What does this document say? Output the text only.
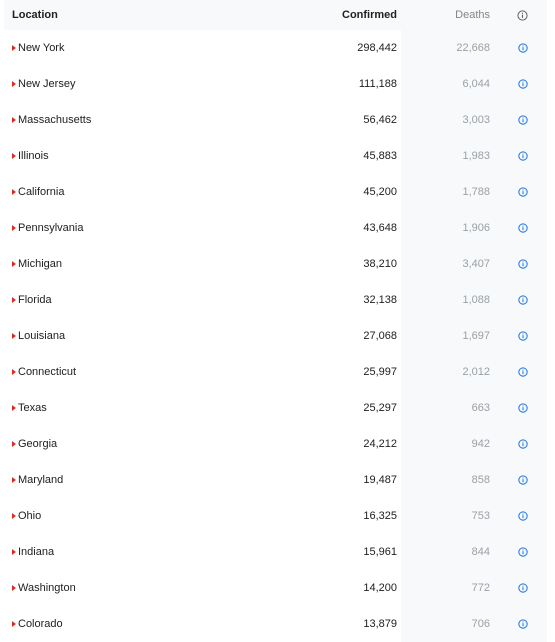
Location	Confirmed	Deaths
New York	298,442	22,668
New Jersey	111,188	6,044
Massachusetts	56,462	3,003
Illinois	45,883	1,983
California	45,200	1,788
Pennsylvania	43,648	1,906
Michigan	38,210	3,407
Florida	32,138	1,088
Louisiana	27,068	1,697
Connecticut	25,997	2,012
Texas	25,297	663
Georgia	24,212	942
Maryland	19,487	858
Ohio	16,325	753
Indiana	15,961	844
Washington	14,200	772
Colorado	13,879	706
